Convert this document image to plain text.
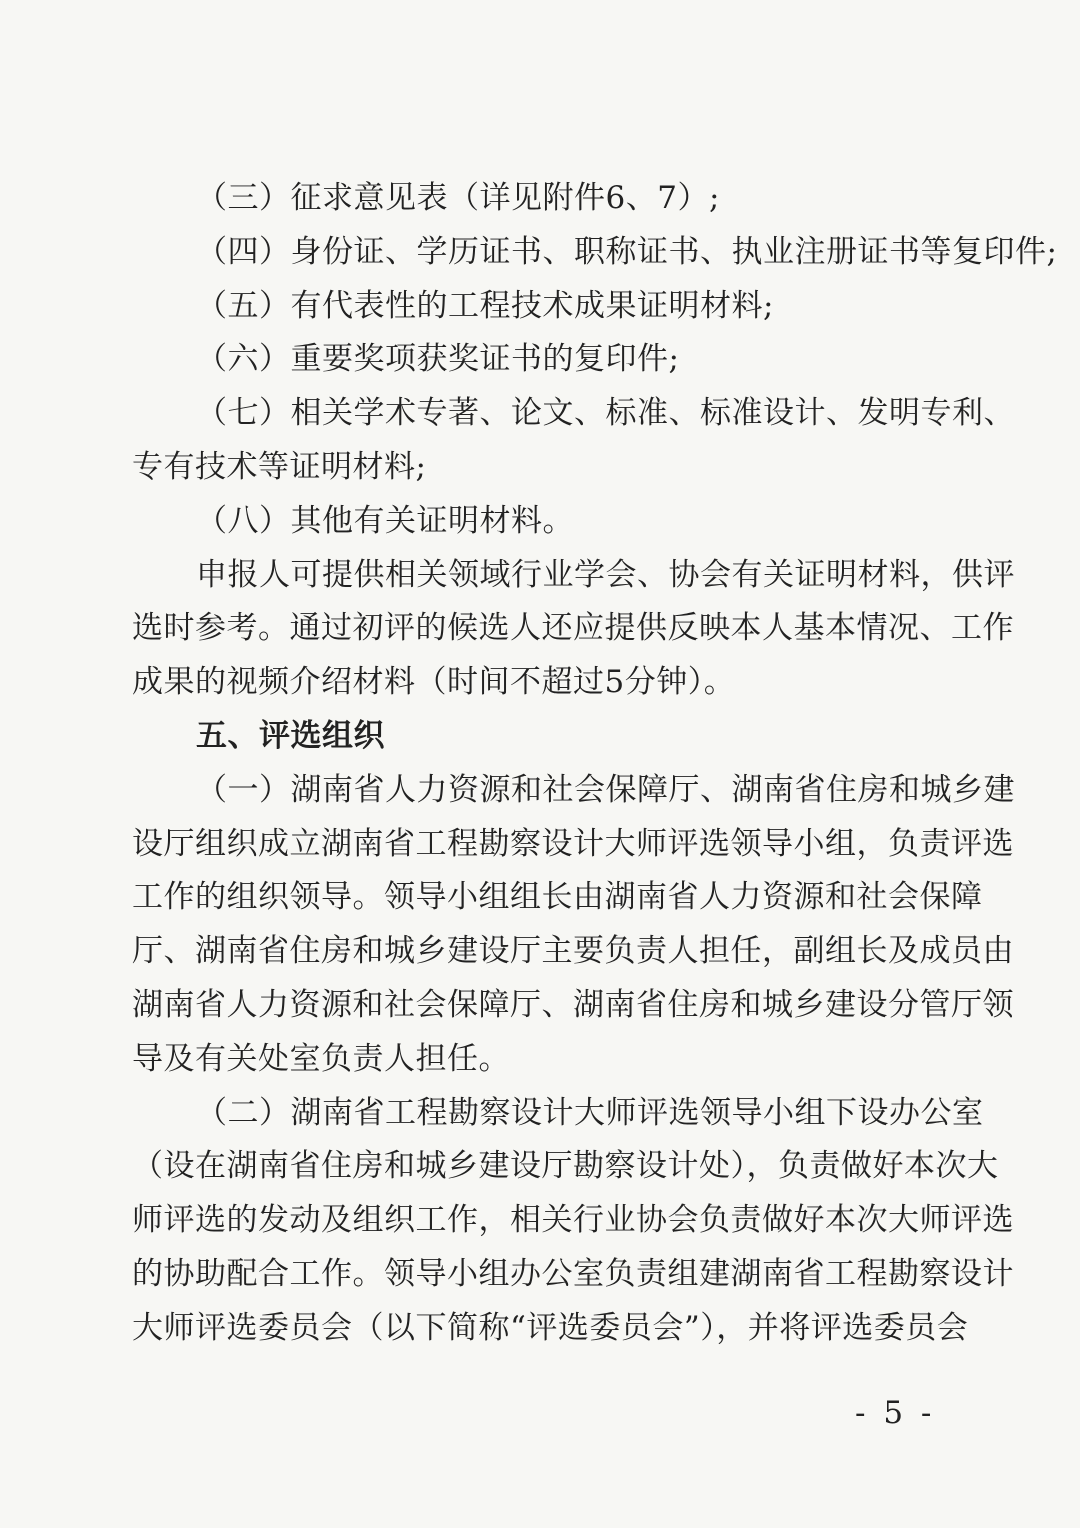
（三）征求意见表（详见附件6、7）;
（四）身份证、学历证书、职称证书、执业注册证书等复印件;
（五）有代表性的工程技术成果证明材料;
（六）重要奖项获奖证书的复印件;
（七）相关学术专著、论文、标准、标准设计、发明专利、
专有技术等证明材料;
（八）其他有关证明材料。
申报人可提供相关领域行业学会、协会有关证明材料，供评
选时参考。通过初评的候选人还应提供反映本人基本情况、工作
成果的视频介绍材料（时间不超过5分钟）。
五、评选组织
（一）湖南省人力资源和社会保障厅、湖南省住房和城乡建
设厅组织成立湖南省工程勘察设计大师评选领导小组，负责评选
工作的组织领导。领导小组组长由湖南省人力资源和社会保障
厅、湖南省住房和城乡建设厅主要负责人担任，副组长及成员由
湖南省人力资源和社会保障厅、湖南省住房和城乡建设分管厅领
导及有关处室负责人担任。
（二）湖南省工程勘察设计大师评选领导小组下设办公室
（设在湖南省住房和城乡建设厅勘察设计处），负责做好本次大
师评选的发动及组织工作，相关行业协会负责做好本次大师评选
的协助配合工作。领导小组办公室负责组建湖南省工程勘察设计
大师评选委员会（以下简称“评选委员会”），并将评选委员会
- 5 -
